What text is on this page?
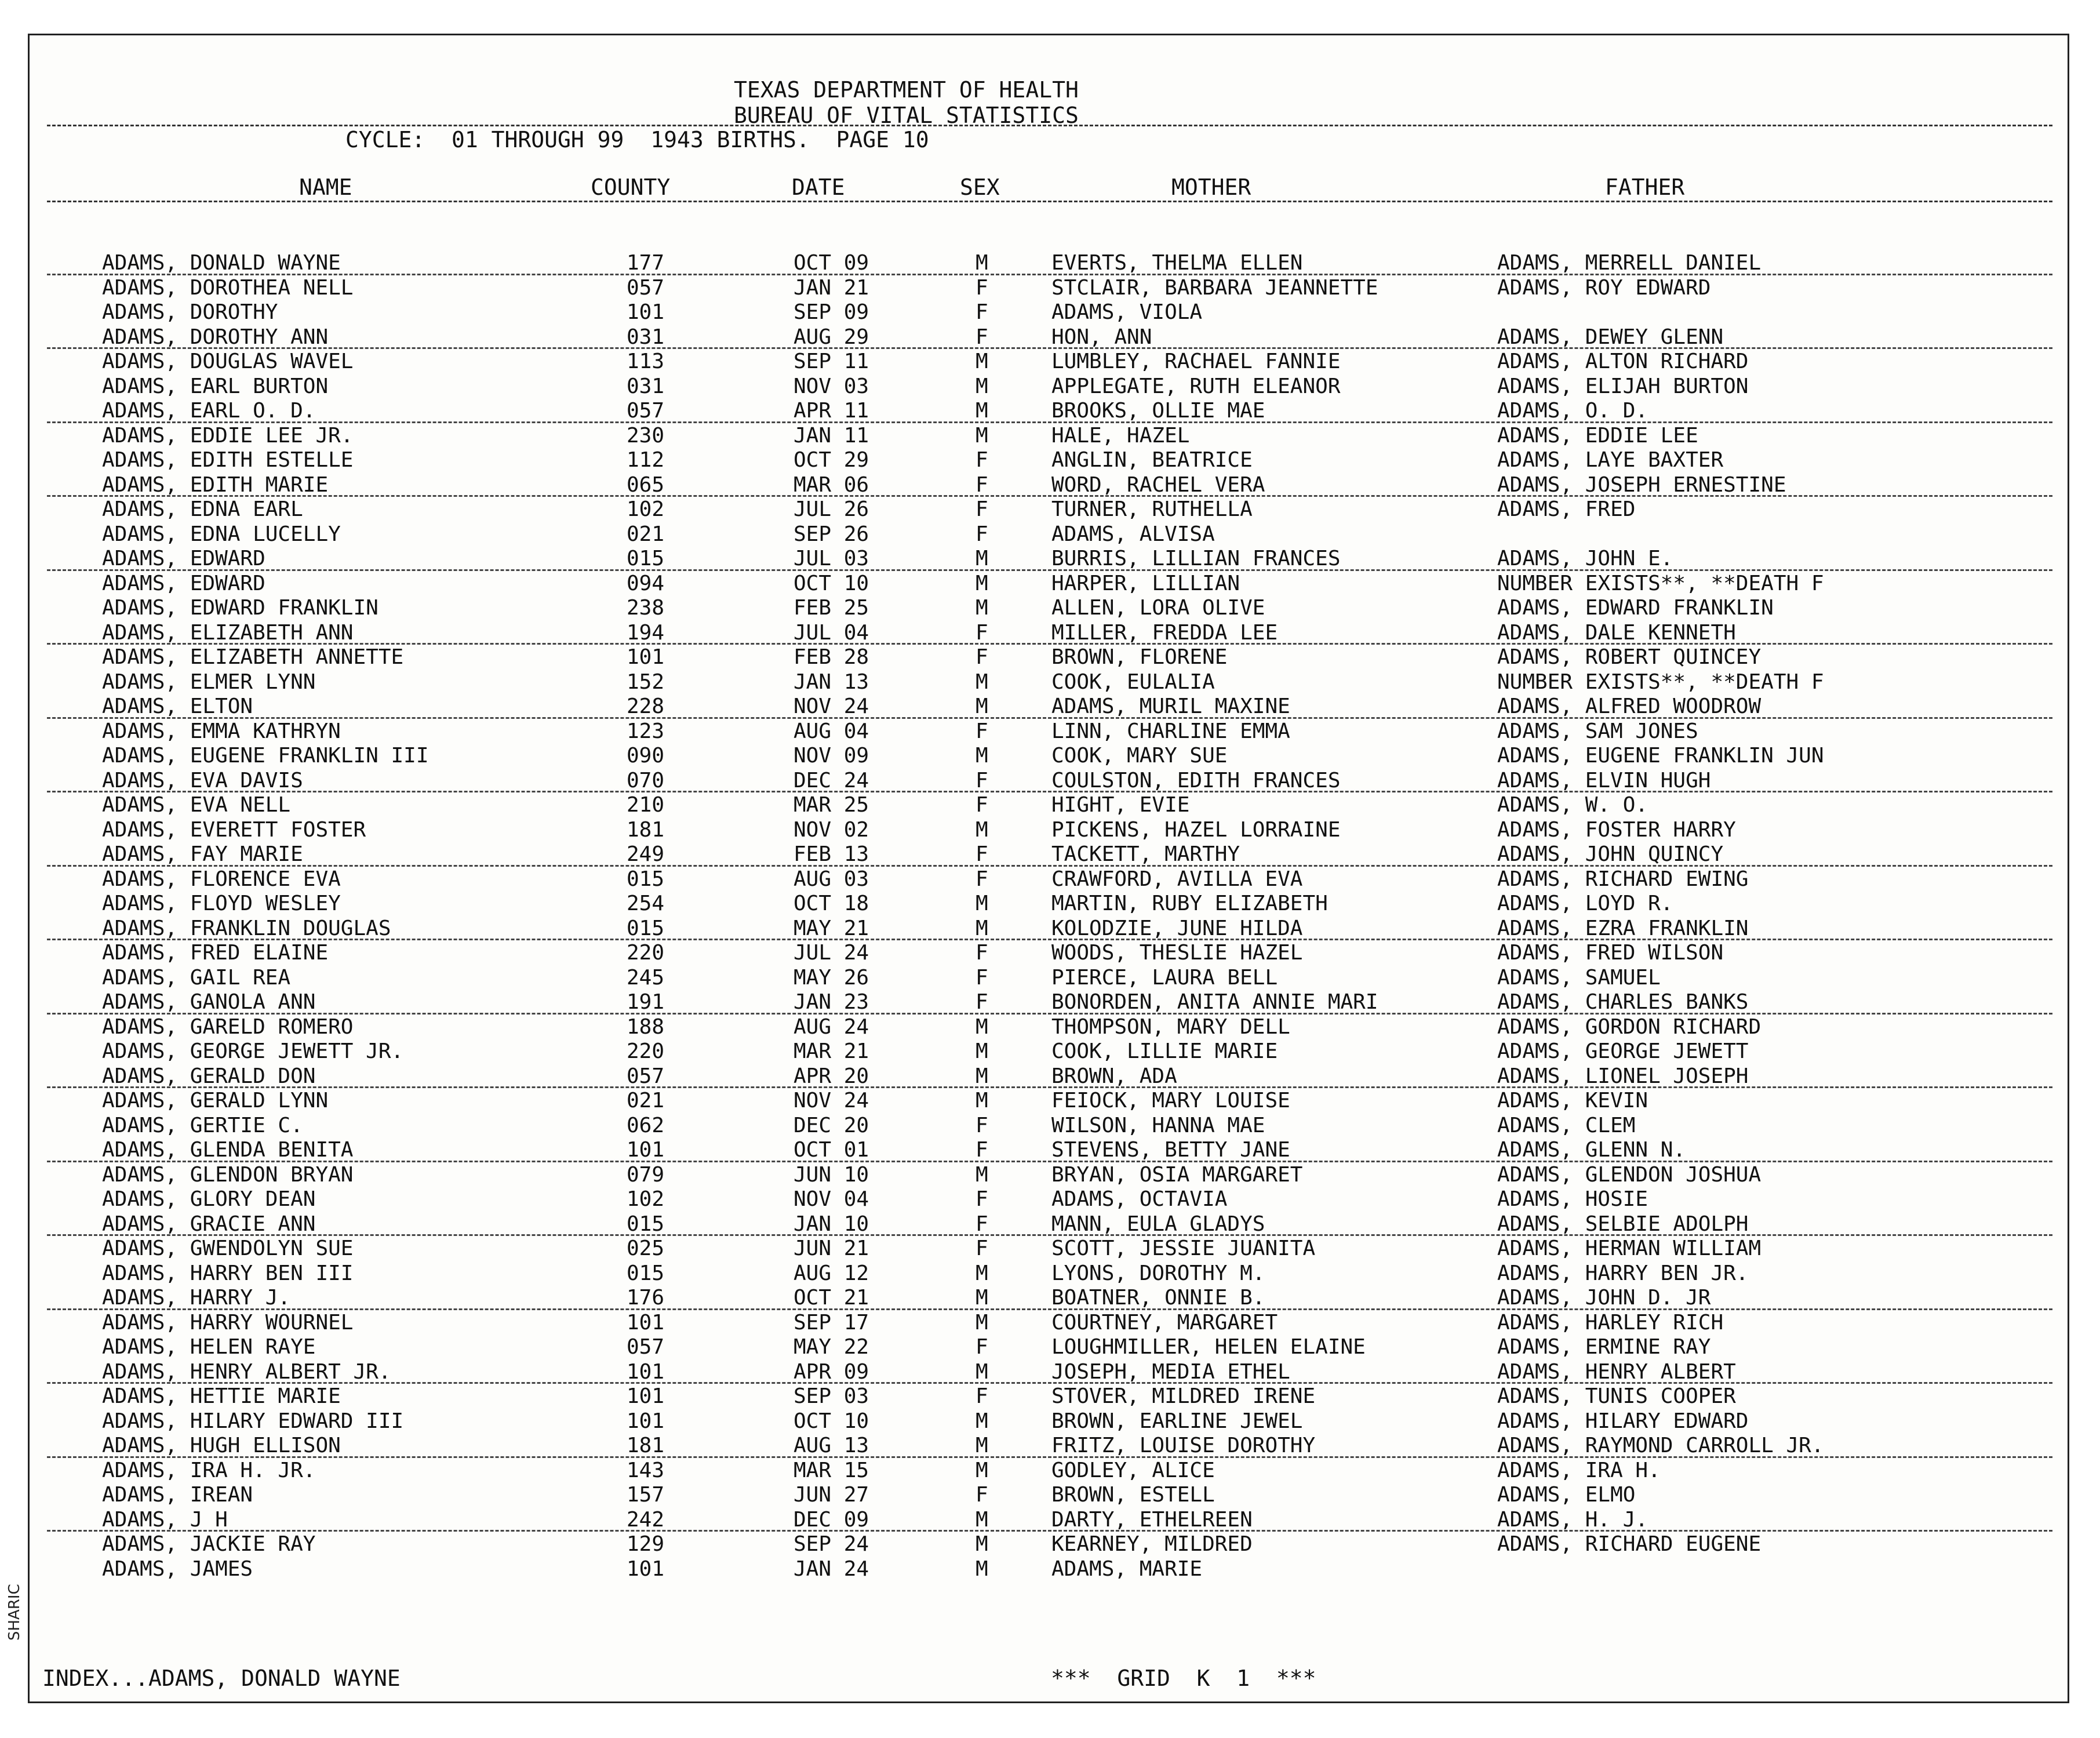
SHARIC
TEXAS DEPARTMENT OF HEALTH
BUREAU OF VITAL STATISTICS
CYCLE:  01 THROUGH 99  1943 BIRTHS.  PAGE 10
NAME	COUNTY	DATE	SEX	MOTHER	FATHER
ADAMS, DONALD WAYNE	177	OCT 09	M	EVERTS, THELMA ELLEN	ADAMS, MERRELL DANIEL
ADAMS, DOROTHEA NELL	057	JAN 21	F	STCLAIR, BARBARA JEANNETTE	ADAMS, ROY EDWARD
ADAMS, DOROTHY	101	SEP 09	F	ADAMS, VIOLA
ADAMS, DOROTHY ANN	031	AUG 29	F	HON, ANN	ADAMS, DEWEY GLENN
ADAMS, DOUGLAS WAVEL	113	SEP 11	M	LUMBLEY, RACHAEL FANNIE	ADAMS, ALTON RICHARD
ADAMS, EARL BURTON	031	NOV 03	M	APPLEGATE, RUTH ELEANOR	ADAMS, ELIJAH BURTON
ADAMS, EARL O. D.	057	APR 11	M	BROOKS, OLLIE MAE	ADAMS, O. D.
ADAMS, EDDIE LEE JR.	230	JAN 11	M	HALE, HAZEL	ADAMS, EDDIE LEE
ADAMS, EDITH ESTELLE	112	OCT 29	F	ANGLIN, BEATRICE	ADAMS, LAYE BAXTER
ADAMS, EDITH MARIE	065	MAR 06	F	WORD, RACHEL VERA	ADAMS, JOSEPH ERNESTINE
ADAMS, EDNA EARL	102	JUL 26	F	TURNER, RUTHELLA	ADAMS, FRED
ADAMS, EDNA LUCELLY	021	SEP 26	F	ADAMS, ALVISA
ADAMS, EDWARD	015	JUL 03	M	BURRIS, LILLIAN FRANCES	ADAMS, JOHN E.
ADAMS, EDWARD	094	OCT 10	M	HARPER, LILLIAN	NUMBER EXISTS**, **DEATH F
ADAMS, EDWARD FRANKLIN	238	FEB 25	M	ALLEN, LORA OLIVE	ADAMS, EDWARD FRANKLIN
ADAMS, ELIZABETH ANN	194	JUL 04	F	MILLER, FREDDA LEE	ADAMS, DALE KENNETH
ADAMS, ELIZABETH ANNETTE	101	FEB 28	F	BROWN, FLORENE	ADAMS, ROBERT QUINCEY
ADAMS, ELMER LYNN	152	JAN 13	M	COOK, EULALIA	NUMBER EXISTS**, **DEATH F
ADAMS, ELTON	228	NOV 24	M	ADAMS, MURIL MAXINE	ADAMS, ALFRED WOODROW
ADAMS, EMMA KATHRYN	123	AUG 04	F	LINN, CHARLINE EMMA	ADAMS, SAM JONES
ADAMS, EUGENE FRANKLIN III	090	NOV 09	M	COOK, MARY SUE	ADAMS, EUGENE FRANKLIN JUN
ADAMS, EVA DAVIS	070	DEC 24	F	COULSTON, EDITH FRANCES	ADAMS, ELVIN HUGH
ADAMS, EVA NELL	210	MAR 25	F	HIGHT, EVIE	ADAMS, W. O.
ADAMS, EVERETT FOSTER	181	NOV 02	M	PICKENS, HAZEL LORRAINE	ADAMS, FOSTER HARRY
ADAMS, FAY MARIE	249	FEB 13	F	TACKETT, MARTHY	ADAMS, JOHN QUINCY
ADAMS, FLORENCE EVA	015	AUG 03	F	CRAWFORD, AVILLA EVA	ADAMS, RICHARD EWING
ADAMS, FLOYD WESLEY	254	OCT 18	M	MARTIN, RUBY ELIZABETH	ADAMS, LOYD R.
ADAMS, FRANKLIN DOUGLAS	015	MAY 21	M	KOLODZIE, JUNE HILDA	ADAMS, EZRA FRANKLIN
ADAMS, FRED ELAINE	220	JUL 24	F	WOODS, THESLIE HAZEL	ADAMS, FRED WILSON
ADAMS, GAIL REA	245	MAY 26	F	PIERCE, LAURA BELL	ADAMS, SAMUEL
ADAMS, GANOLA ANN	191	JAN 23	F	BONORDEN, ANITA ANNIE MARI	ADAMS, CHARLES BANKS
ADAMS, GARELD ROMERO	188	AUG 24	M	THOMPSON, MARY DELL	ADAMS, GORDON RICHARD
ADAMS, GEORGE JEWETT JR.	220	MAR 21	M	COOK, LILLIE MARIE	ADAMS, GEORGE JEWETT
ADAMS, GERALD DON	057	APR 20	M	BROWN, ADA	ADAMS, LIONEL JOSEPH
ADAMS, GERALD LYNN	021	NOV 24	M	FEIOCK, MARY LOUISE	ADAMS, KEVIN
ADAMS, GERTIE C.	062	DEC 20	F	WILSON, HANNA MAE	ADAMS, CLEM
ADAMS, GLENDA BENITA	101	OCT 01	F	STEVENS, BETTY JANE	ADAMS, GLENN N.
ADAMS, GLENDON BRYAN	079	JUN 10	M	BRYAN, OSIA MARGARET	ADAMS, GLENDON JOSHUA
ADAMS, GLORY DEAN	102	NOV 04	F	ADAMS, OCTAVIA	ADAMS, HOSIE
ADAMS, GRACIE ANN	015	JAN 10	F	MANN, EULA GLADYS	ADAMS, SELBIE ADOLPH
ADAMS, GWENDOLYN SUE	025	JUN 21	F	SCOTT, JESSIE JUANITA	ADAMS, HERMAN WILLIAM
ADAMS, HARRY BEN III	015	AUG 12	M	LYONS, DOROTHY M.	ADAMS, HARRY BEN JR.
ADAMS, HARRY J.	176	OCT 21	M	BOATNER, ONNIE B.	ADAMS, JOHN D. JR
ADAMS, HARRY WOURNEL	101	SEP 17	M	COURTNEY, MARGARET	ADAMS, HARLEY RICH
ADAMS, HELEN RAYE	057	MAY 22	F	LOUGHMILLER, HELEN ELAINE	ADAMS, ERMINE RAY
ADAMS, HENRY ALBERT JR.	101	APR 09	M	JOSEPH, MEDIA ETHEL	ADAMS, HENRY ALBERT
ADAMS, HETTIE MARIE	101	SEP 03	F	STOVER, MILDRED IRENE	ADAMS, TUNIS COOPER
ADAMS, HILARY EDWARD III	101	OCT 10	M	BROWN, EARLINE JEWEL	ADAMS, HILARY EDWARD
ADAMS, HUGH ELLISON	181	AUG 13	M	FRITZ, LOUISE DOROTHY	ADAMS, RAYMOND CARROLL JR.
ADAMS, IRA H. JR.	143	MAR 15	M	GODLEY, ALICE	ADAMS, IRA H.
ADAMS, IREAN	157	JUN 27	F	BROWN, ESTELL	ADAMS, ELMO
ADAMS, J H	242	DEC 09	M	DARTY, ETHELREEN	ADAMS, H. J.
ADAMS, JACKIE RAY	129	SEP 24	M	KEARNEY, MILDRED	ADAMS, RICHARD EUGENE
ADAMS, JAMES	101	JAN 24	M	ADAMS, MARIE
INDEX...ADAMS, DONALD WAYNE	***  GRID  K  1  ***
